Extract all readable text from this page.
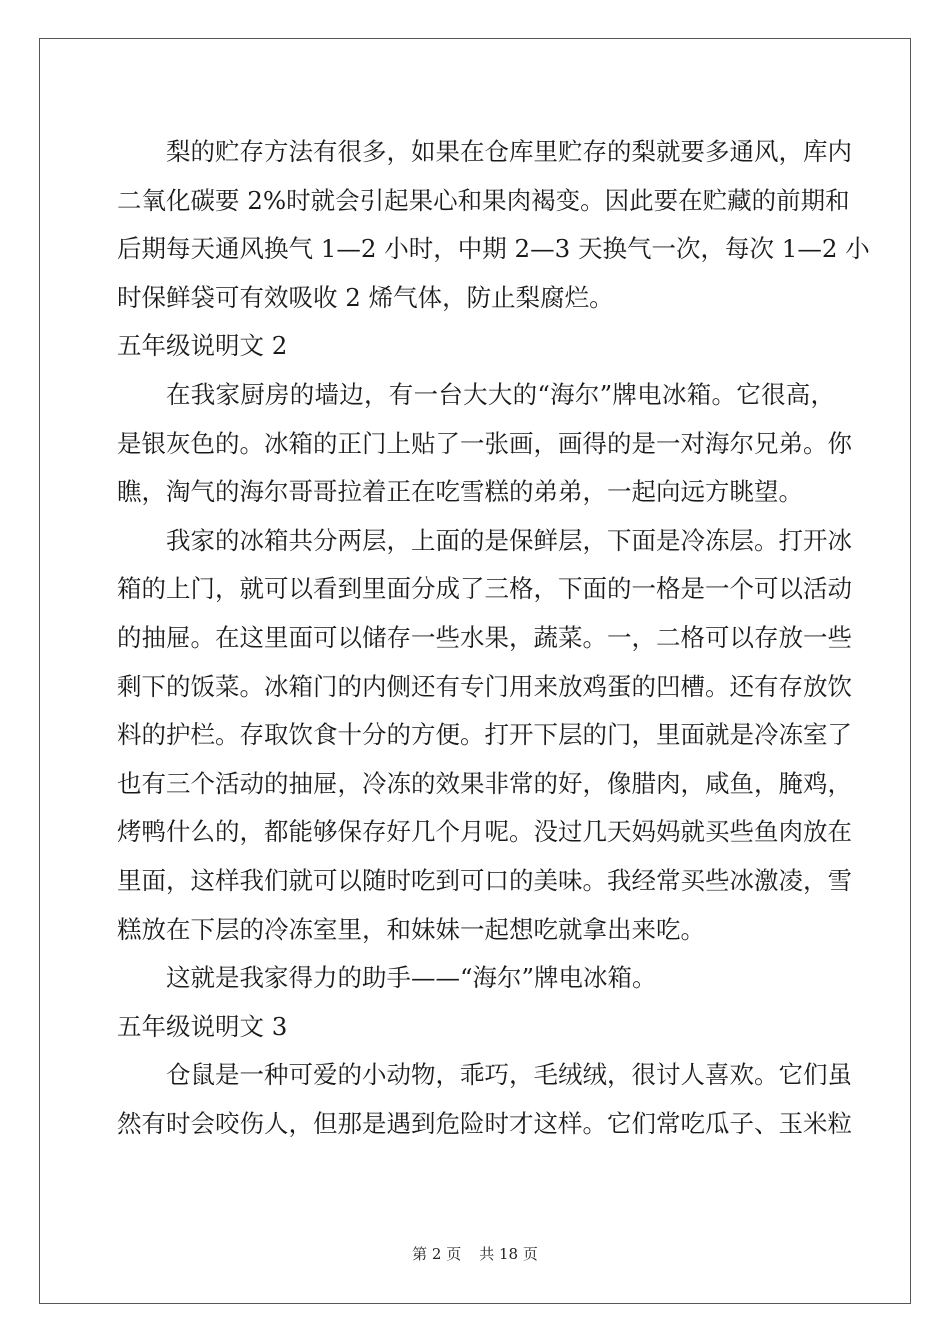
梨的贮存方法有很多，如果在仓库里贮存的梨就要多通风，库内
二氧化碳要 2%时就会引起果心和果肉褐变。因此要在贮藏的前期和
后期每天通风换气 1—2 小时，中期 2—3 天换气一次，每次 1—2 小
时保鲜袋可有效吸收 2 烯气体，防止梨腐烂。
五年级说明文 2
在我家厨房的墙边，有一台大大的“海尔”牌电冰箱。它很高，
是银灰色的。冰箱的正门上贴了一张画，画得的是一对海尔兄弟。你
瞧，淘气的海尔哥哥拉着正在吃雪糕的弟弟，一起向远方眺望。
我家的冰箱共分两层，上面的是保鲜层，下面是冷冻层。打开冰
箱的上门，就可以看到里面分成了三格，下面的一格是一个可以活动
的抽屉。在这里面可以储存一些水果，蔬菜。一，二格可以存放一些
剩下的饭菜。冰箱门的内侧还有专门用来放鸡蛋的凹槽。还有存放饮
料的护栏。存取饮食十分的方便。打开下层的门，里面就是冷冻室了
也有三个活动的抽屉，冷冻的效果非常的好，像腊肉，咸鱼，腌鸡，
烤鸭什么的，都能够保存好几个月呢。没过几天妈妈就买些鱼肉放在
里面，这样我们就可以随时吃到可口的美味。我经常买些冰激凌，雪
糕放在下层的冷冻室里，和妹妹一起想吃就拿出来吃。
这就是我家得力的助手——“海尔”牌电冰箱。
五年级说明文 3
仓鼠是一种可爱的小动物，乖巧，毛绒绒，很讨人喜欢。它们虽
然有时会咬伤人，但那是遇到危险时才这样。它们常吃瓜子、玉米粒
第 2 页 共 18 页
